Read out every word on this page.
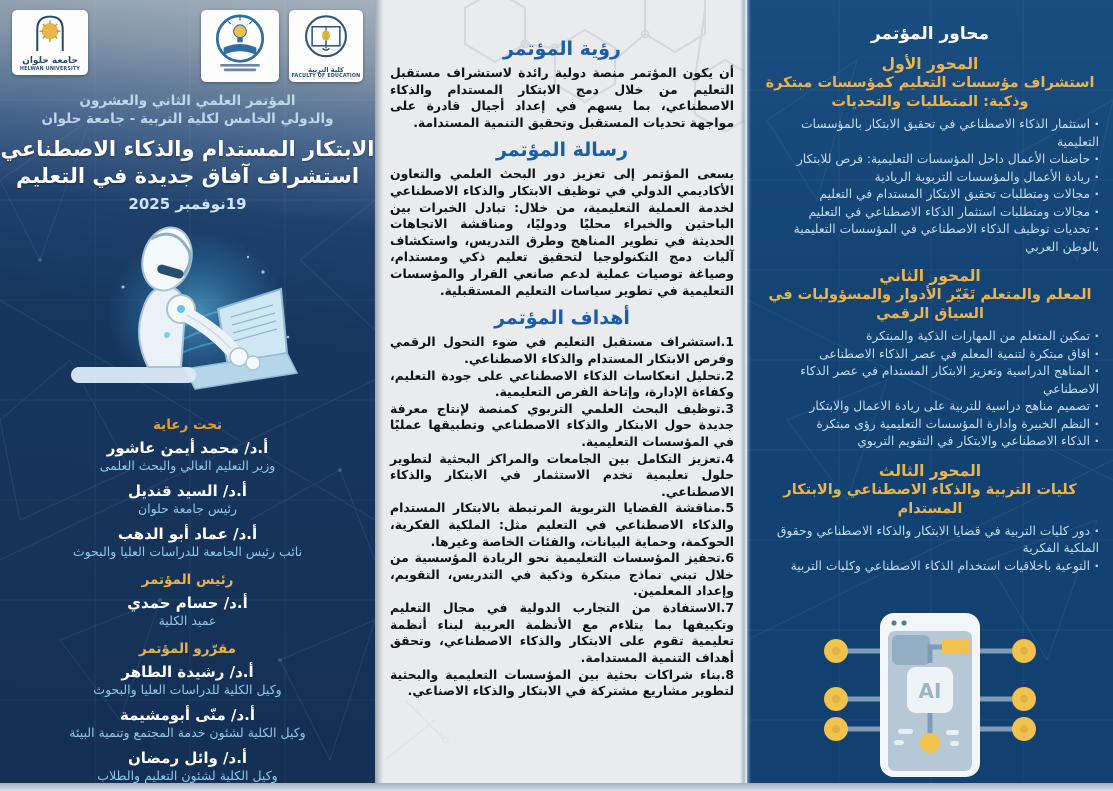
كلية التربية
FACULTY OF EDUCATION
جامعة حلوان
HELWAN UNIVERSITY
المؤتمر العلمي الثاني والعشرون
والدولي الخامس لكلية التربية - جامعة حلوان
الابتكار المستدام والذكاء الاصطناعي
استشراف آفاق جديدة في التعليم
19نوفمبر 2025
تحت رعاية
أ.د/ محمد أيمن عاشور
وزير التعليم العالي والبحث العلمى
أ.د/ السيد قنديل
رئيس جامعة حلوان
أ.د/ عماد أبو الدهب
نائب رئيس الجامعة للدراسات العليا والبحوث
رئيس المؤتمر
أ.د/ حسام حمدي
عميد الكلية
مقرّرو المؤتمر
أ.د/ رشيدة الطاهر
وكيل الكلية للدراسات العليا والبحوث
أ.د/ منّى أبومشيمة
وكيل الكلية لشئون خدمة المجتمع وتنمية البيئة
أ.د/ وائل رمضان
وكيل الكلية لشئون التعليم والطلاب
رؤية المؤتمر

أن يكون المؤتمر منصة دولية رائدة لاستشراف مستقبل التعليم من خلال دمج الابتكار المستدام والذكاء الاصطناعي، بما يسهم في إعداد أجيال قادرة على مواجهة تحديات المستقبل وتحقيق التنمية المستدامة.

رسالة المؤتمر

يسعى المؤتمر إلى تعزيز دور البحث العلمي والتعاون الأكاديمي الدولي في توظيف الابتكار والذكاء الاصطناعي لخدمة العملية التعليمية، من خلال: تبادل الخبرات بين الباحثين والخبراء محليًا ودوليًا، ومناقشة الاتجاهات الحديثة في تطوير المناهج وطرق التدريس، واستكشاف آليات دمج التكنولوجيا لتحقيق تعليم ذكي ومستدام، وصياغة توصيات عملية لدعم صانعي القرار والمؤسسات التعليمية في تطوير سياسات التعليم المستقبلية.

أهداف المؤتمر

1.استشراف مستقبل التعليم في ضوء التحول الرقمي وفرص الابتكار المستدام والذكاء الاصطناعي.

2.تحليل انعكاسات الذكاء الاصطناعي على جودة التعليم، وكفاءة الإدارة، وإتاحة الفرص التعليمية.

3.توظيف البحث العلمي التربوي كمنصة لإنتاج معرفة جديدة حول الابتكار والذكاء الاصطناعي وتطبيقها عمليًا في المؤسسات التعليمية.

4.تعزيز التكامل بين الجامعات والمراكز البحثية لتطوير حلول تعليمية تخدم الاستثمار في الابتكار والذكاء الاصطناعي.

5.مناقشة القضايا التربوية المرتبطة بالابتكار المستدام والذكاء الاصطناعي في التعليم مثل: الملكية الفكرية، الحوكمة، وحماية البيانات، والفئات الخاصة وغيرها.

6.تحفيز المؤسسات التعليمية نحو الريادة المؤسسية من خلال تبني نماذج مبتكرة وذكية في التدريس، التقويم، وإعداد المعلمين.

7.الاستفادة من التجارب الدولية في مجال التعليم وتكييفها بما يتلاءم مع الأنظمة العربية لبناء أنظمة تعليمية تقوم على الابتكار والذكاء الاصطناعي، وتحقق أهداف التنمية المستدامة.

8.بناء شراكات بحثية بين المؤسسات التعليمية والبحثية لتطوير مشاريع مشتركة في الابتكار والذكاء الاصناعي.

محاور المؤتمر
المحور الأول
استشراف مؤسسات التعليم كمؤسسات مبتكرة وذكية: المتطلبات والتحديات
· استثمار الذكاء الاصطناعي في تحقيق الابتكار بالمؤسسات التعليمية
· حاضنات الأعمال داخل المؤسسات التعليمية: فرص للابتكار
· ريادة الأعمال والمؤسسات التربوية الريادية
· مجالات ومتطلبات تحقيق الابتكار المستدام في التعليم
· مجالات ومتطلبات استثمار الذكاء الاصطناعي في التعليم
· تحديات توظيف الذكاء الاصطناعي في المؤسسات التعليمية بالوطن العربي
المحور الثاني
المعلم والمتعلم تَغَيّر الأدوار والمسؤوليات في السياق الرقمي
· تمكين المتعلم من المهارات الذكية والمبتكرة
· افاق مبتكرة لتنمية المعلم في عصر الذكاء الاصطناعى
· المناهج الدراسية وتعزيز الابتكار المستدام في عصر الذكاء الاصطناعي
· تصميم مناهج دراسية للتربية على ريادة الاعمال والابتكار
· النظم الخبيرة وادارة المؤسسات التعليمية رؤى مبتكرة
· الذكاء الاصطناعي والابتكار في التقويم التربوي
المحور الثالث
كليات التربية والذكاء الاصطناعي والابتكار المستدام
· دور كليات التربية في قضايا الابتكار والذكاء الاصطناعي وحقوق الملكية الفكرية
· التوعية باخلاقيات استخدام الذكاء الاصطناعي وكليات التربية
AI
